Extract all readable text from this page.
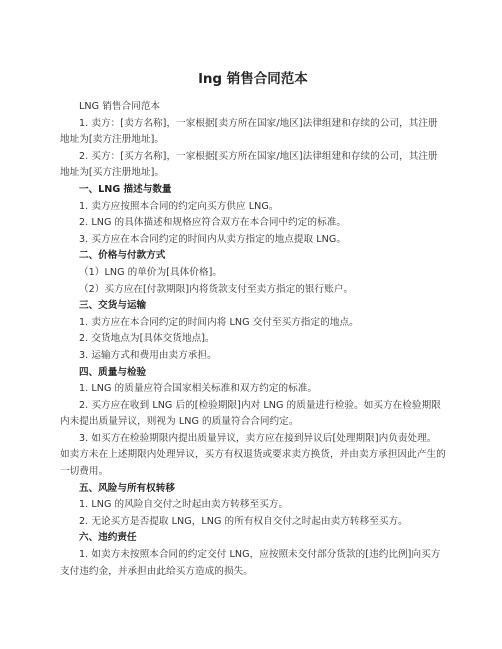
lng 销售合同范本

LNG 销售合同范本

1. 卖方：[卖方名称]，一家根据[卖方所在国家/地区]法律组建和存续的公司，其注册地址为[卖方注册地址]。

2. 买方：[买方名称]，一家根据[买方所在国家/地区]法律组建和存续的公司，其注册地址为[买方注册地址]。

一、LNG 描述与数量

1. 卖方应按照本合同的约定向买方供应 LNG。

2. LNG 的具体描述和规格应符合双方在本合同中约定的标准。

3. 买方应在本合同约定的时间内从卖方指定的地点提取 LNG。

二、价格与付款方式

（1）LNG 的单价为[具体价格]。

（2）买方应在[付款期限]内将货款支付至卖方指定的银行账户。

三、交货与运输

1. 卖方应在本合同约定的时间内将 LNG 交付至买方指定的地点。

2. 交货地点为[具体交货地点]。

3. 运输方式和费用由卖方承担。

四、质量与检验

1. LNG 的质量应符合国家相关标准和双方约定的标准。

2. 买方应在收到 LNG 后的[检验期限]内对 LNG 的质量进行检验。如买方在检验期限内未提出质量异议，则视为 LNG 的质量符合合同约定。

3. 如买方在检验期限内提出质量异议，卖方应在接到异议后[处理期限]内负责处理。如卖方未在上述期限内处理异议，买方有权退货或要求卖方换货，并由卖方承担因此产生的一切费用。

五、风险与所有权转移

1. LNG 的风险自交付之时起由卖方转移至买方。

2. 无论买方是否提取 LNG，LNG 的所有权自交付之时起由卖方转移至买方。

六、违约责任

1. 如卖方未按照本合同的约定交付 LNG，应按照未交付部分货款的[违约比例]向买方支付违约金，并承担由此给买方造成的损失。
